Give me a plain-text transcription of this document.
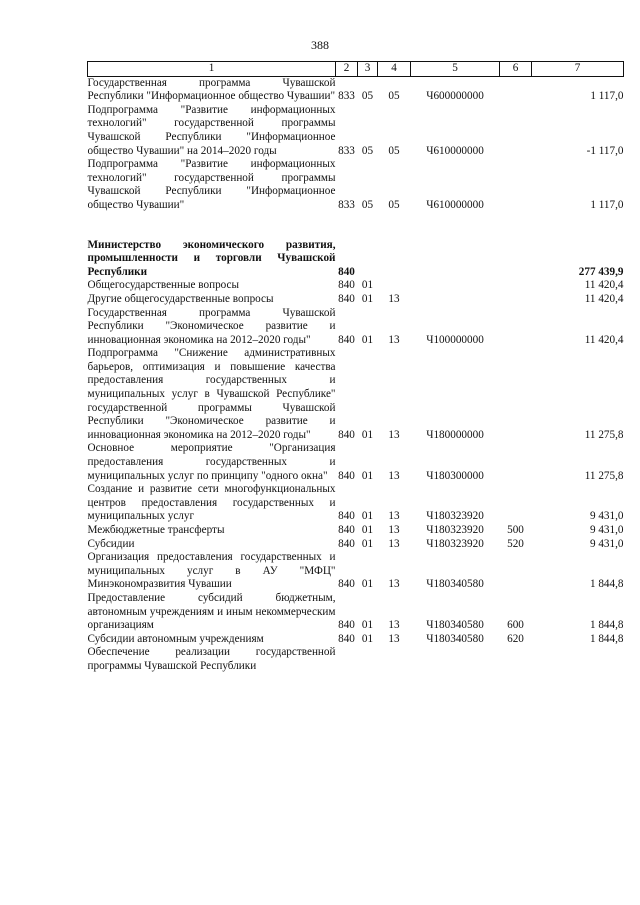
388
1	2	3	4	5	6	7
Государственная программа Чувашской Республики "Информационное общество Чувашии"	833	05	05	Ч600000000		1 117,0
Подпрограмма "Развитие информационных технологий" государственной программы Чувашской Республики "Информационное общество Чувашии" на 2014–2020 годы	833	05	05	Ч610000000		-1 117,0
Подпрограмма "Развитие информационных технологий" государственной программы Чувашской Республики "Информационное общество Чувашии"	833	05	05	Ч610000000		1 117,0

Министерство экономического развития, промышленности и торговли Чувашской Республики	840					277 439,9
Общегосударственные вопросы	840	01				11 420,4
Другие общегосударственные вопросы	840	01	13			11 420,4
Государственная программа Чувашской Республики "Экономическое развитие и инновационная экономика на 2012–2020 годы"	840	01	13	Ч100000000		11 420,4
Подпрограмма "Снижение административных барьеров, оптимизация и повышение качества предоставления государственных и муниципальных услуг в Чувашской Республике" государственной программы Чувашской Республики "Экономическое развитие и инновационная экономика на 2012–2020 годы"	840	01	13	Ч180000000		11 275,8
Основное мероприятие "Организация предоставления государственных и муниципальных услуг по принципу "одного окна"	840	01	13	Ч180300000		11 275,8
Создание и развитие сети многофункциональных центров предоставления государственных и муниципальных услуг	840	01	13	Ч180323920		9 431,0
Межбюджетные трансферты	840	01	13	Ч180323920	500	9 431,0
Субсидии	840	01	13	Ч180323920	520	9 431,0
Организация предоставления государственных и муниципальных услуг в АУ "МФЦ" Минэкономразвития Чувашии	840	01	13	Ч180340580		1 844,8
Предоставление субсидий бюджетным, автономным учреждениям и иным некоммерческим организациям	840	01	13	Ч180340580	600	1 844,8
Субсидии автономным учреждениям	840	01	13	Ч180340580	620	1 844,8
Обеспечение реализации государственной программы Чувашской Республики						
